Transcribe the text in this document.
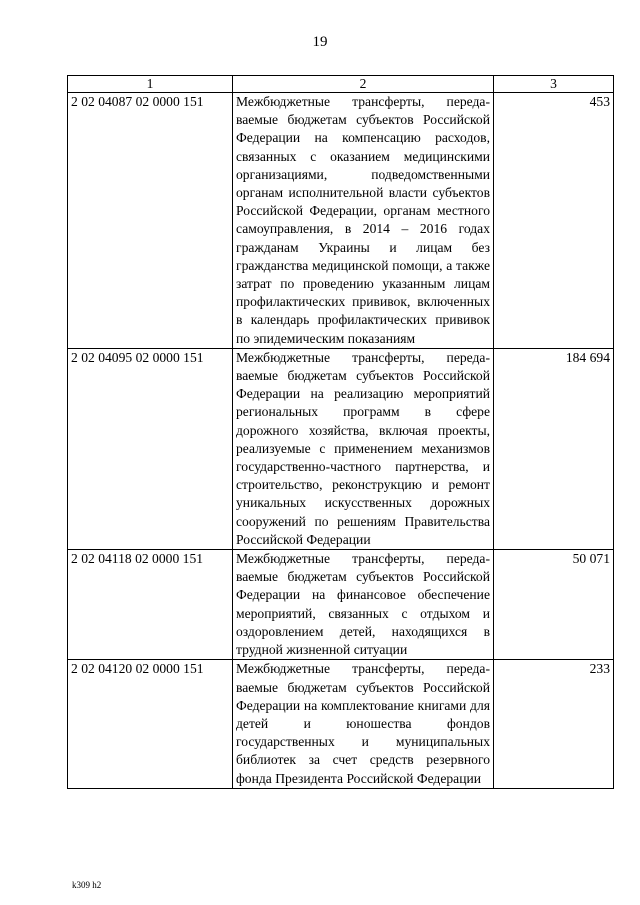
19
1	2	3
2 02 04087 02 0000 151	Межбюджетные трансферты, передаваемые бюджетам субъектов Российской Федерации на компенсацию расходов, связанных с оказанием медицинскими организациями, подведомственными органам исполнительной власти субъектов Российской Федерации, органам местного самоуправления, в 2014 – 2016 годах гражданам Украины и лицам без гражданства медицинской помощи, а также затрат по проведению указанным лицам профилактических прививок, включенных в календарь профилактических прививок по эпидемическим показаниям	453
2 02 04095 02 0000 151	Межбюджетные трансферты, передаваемые бюджетам субъектов Российской Федерации на реализацию мероприятий региональных программ в сфере дорожного хозяйства, включая проекты, реализуемые с применением механизмов государственно-частного партнерства, и строительство, реконструкцию и ремонт уникальных искусственных дорожных сооружений по решениям Правительства Российской Федерации	184 694
2 02 04118 02 0000 151	Межбюджетные трансферты, передаваемые бюджетам субъектов Российской Федерации на финансовое обеспечение мероприятий, связанных с отдыхом и оздоровлением детей, находящихся в трудной жизненной ситуации	50 071
2 02 04120 02 0000 151	Межбюджетные трансферты, передаваемые бюджетам субъектов Российской Федерации на комплектование книгами для детей и юношества фондов государственных и муниципальных библиотек за счет средств резервного фонда Президента Российской Федерации	233
k309 h2
